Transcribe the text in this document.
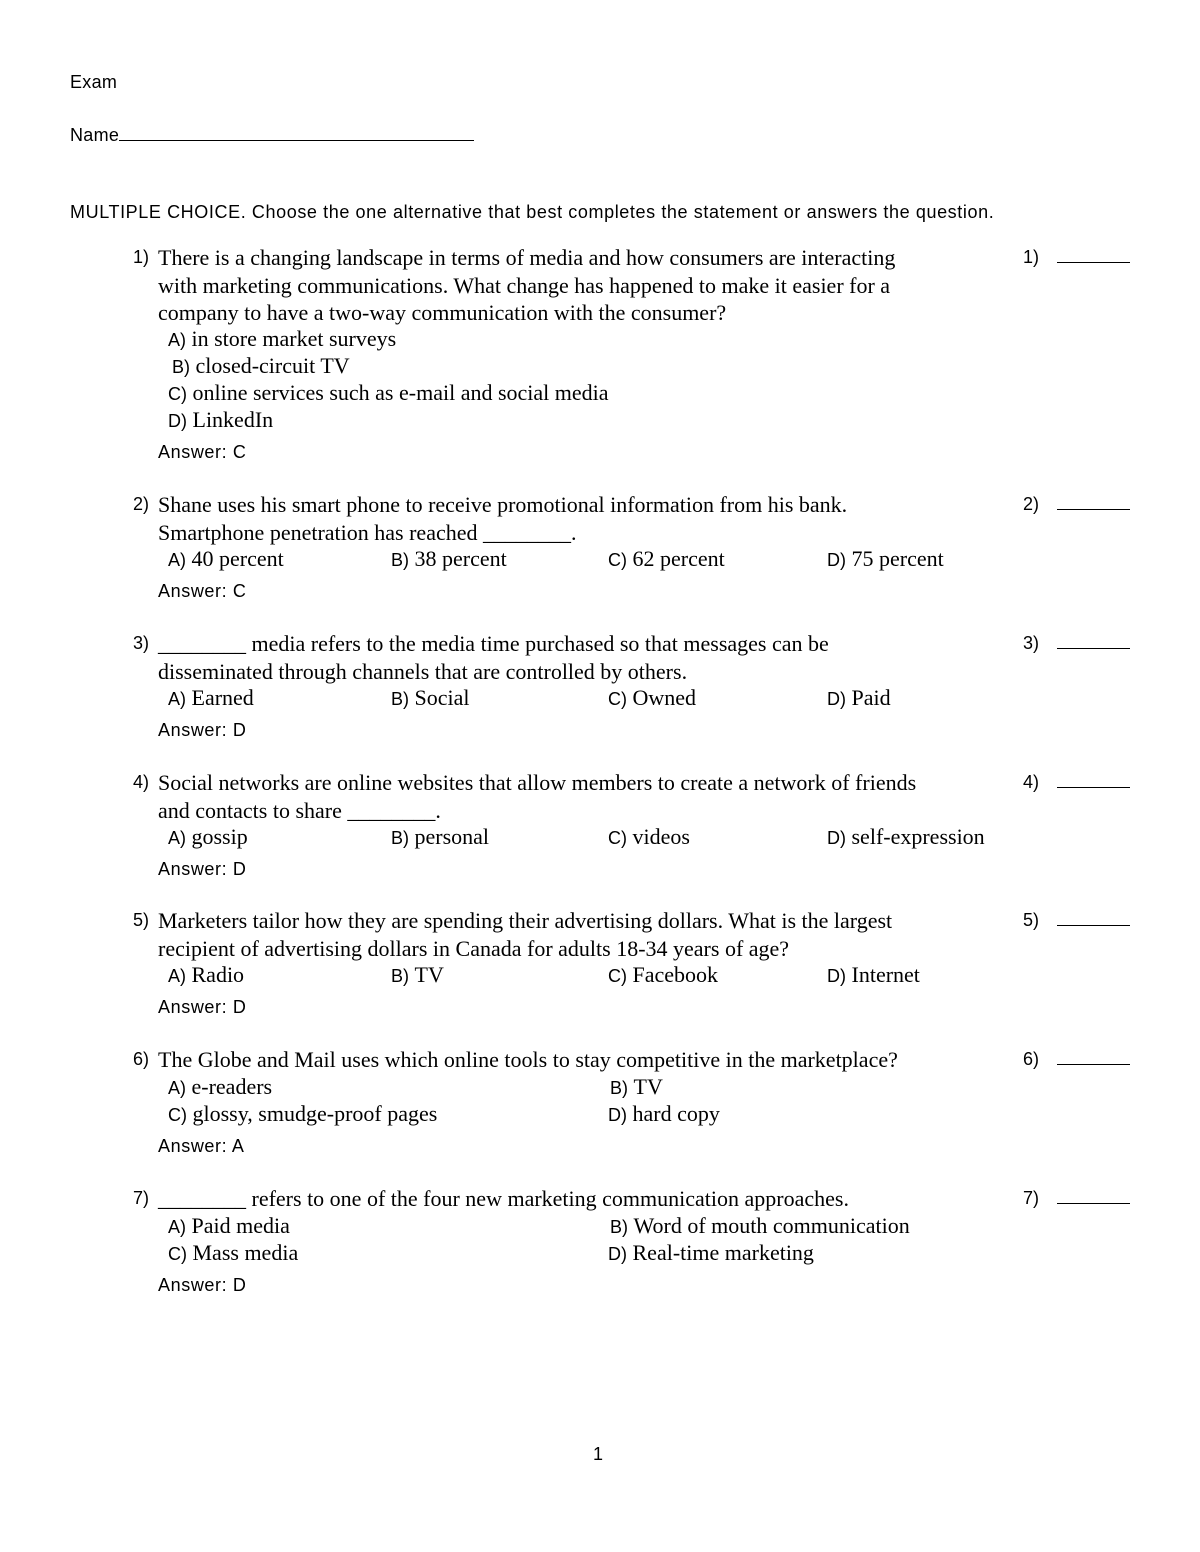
Exam
Name
MULTIPLE CHOICE. Choose the one alternative that best completes the statement or answers the question.
1) There is a changing landscape in terms of media and how consumers are interacting
with marketing communications. What change has happened to make it easier for a
company to have a two-way communication with the consumer?
1)
A) in store market surveys
B) closed-circuit TV
C) online services such as e-mail and social media
D) LinkedIn
Answer: C
2) Shane uses his smart phone to receive promotional information from his bank.
Smartphone penetration has reached ________.
2)
A) 40 percent	B) 38 percent	C) 62 percent	D) 75 percent
Answer: C
3) ________ media refers to the media time purchased so that messages can be
disseminated through channels that are controlled by others.
3)
A) Earned	B) Social	C) Owned	D) Paid
Answer: D
4) Social networks are online websites that allow members to create a network of friends
and contacts to share ________.
4)
A) gossip	B) personal	C) videos	D) self-expression
Answer: D
5) Marketers tailor how they are spending their advertising dollars. What is the largest
recipient of advertising dollars in Canada for adults 18-34 years of age?
5)
A) Radio	B) TV	C) Facebook	D) Internet
Answer: D
6) The Globe and Mail uses which online tools to stay competitive in the marketplace?	6)
A) e-readers	B) TV
C) glossy, smudge-proof pages	D) hard copy
Answer: A
7) ________ refers to one of the four new marketing communication approaches.	7)
A) Paid media	B) Word of mouth communication
C) Mass media	D) Real-time marketing
Answer: D
1
